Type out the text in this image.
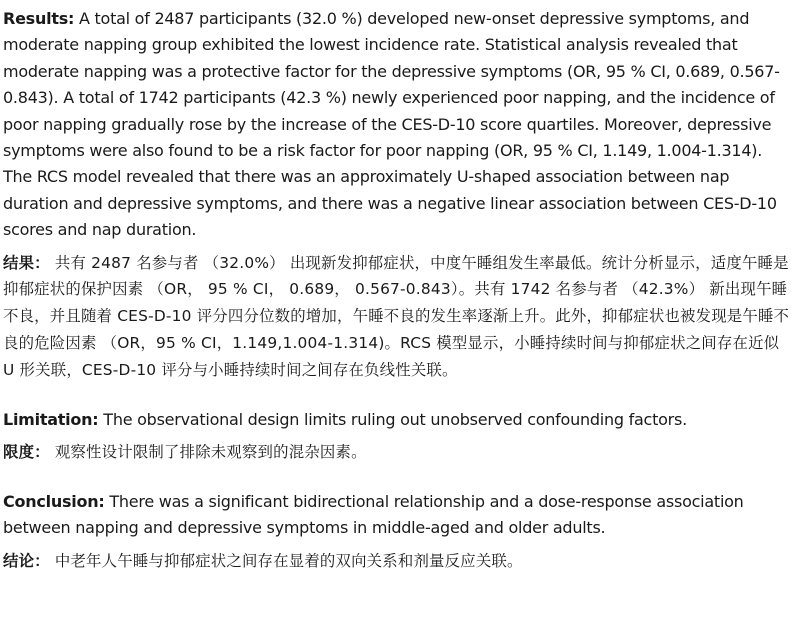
Results: A total of 2487 participants (32.0 %) developed new-onset depressive symptoms, and moderate napping group exhibited the lowest incidence rate. Statistical analysis revealed that moderate napping was a protective factor for the depressive symptoms (OR, 95 % CI, 0.689, 0.567-0.843). A total of 1742 participants (42.3 %) newly experienced poor napping, and the incidence of poor napping gradually rose by the increase of the CES-D-10 score quartiles. Moreover, depressive symptoms were also found to be a risk factor for poor napping (OR, 95 % CI, 1.149, 1.004-1.314). The RCS model revealed that there was an approximately U-shaped association between nap duration and depressive symptoms, and there was a negative linear association between CES-D-10 scores and nap duration.

结果： 共有 2487 名参与者 （32.0%） 出现新发抑郁症状，中度午睡组发生率最低。统计分析显示，适度午睡是抑郁症状的保护因素 （OR， 95 % CI， 0.689， 0.567-0.843）。共有 1742 名参与者 （42.3%） 新出现午睡不良，并且随着 CES-D-10 评分四分位数的增加，午睡不良的发生率逐渐上升。此外，抑郁症状也被发现是午睡不良的危险因素 （OR，95 % CI，1.149,1.004-1.314)。RCS 模型显示，小睡持续时间与抑郁症状之间存在近似 U 形关联，CES-D-10 评分与小睡持续时间之间存在负线性关联。

Limitation: The observational design limits ruling out unobserved confounding factors.

限度： 观察性设计限制了排除未观察到的混杂因素。

Conclusion: There was a significant bidirectional relationship and a dose-response association between napping and depressive symptoms in middle-aged and older adults.

结论： 中老年人午睡与抑郁症状之间存在显着的双向关系和剂量反应关联。
